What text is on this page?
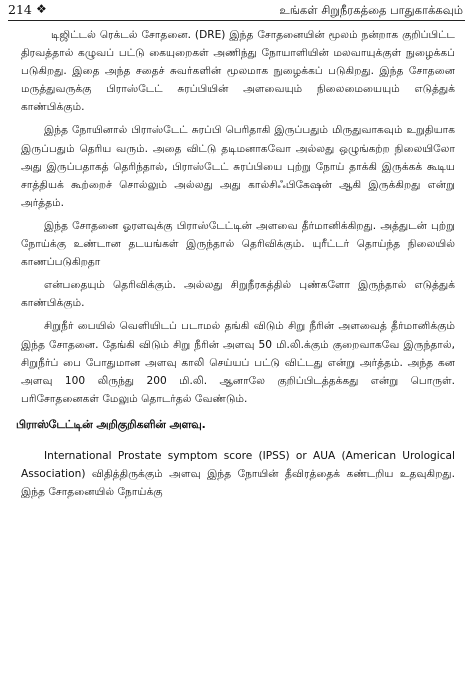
214 ❖	உங்கள் சிறுநீரகத்தை பாதுகாக்கவும்

டிஜிட்டல் ரெக்டல் சோதனை. (DRE) இந்த சோதனையின் மூலம் நன்றாக குறிப்பிட்ட திரவத்தால் கழுவப் பட்டு கையுறைகள் அணிந்து நோயாளியின் மலவாயுக்குள் நுழைக்கப் படுகிறது. இதை அந்த சதைச் சுவர்களின் மூலமாக நுழைக்கப் படுகிறது. இந்த சோதனை மருத்துவருக்கு பிராஸ்டேட் சுரப்பியின் அளவையும் நிலைமையையும் எடுத்துக் காண்பிக்கும்.

இந்த நோயினால் பிராஸ்டேட் சுரப்பி பெரிதாகி இருப்பதும் மிருதுவாகவும் உறுதியாக இருப்பதும் தெரிய வரும். அதை விட்டு தடிமனாகவோ அல்லது ஒழுங்கற்ற நிலையிலோ அது இருப்பதாகத் தெரிந்தால், பிராஸ்டேட் சுரப்பியை புற்று நோய் தாக்கி இருக்கக் கூடிய சாத்தியக் கூற்றைச் சொல்லும் அல்லது அது கால்சிஃபிகேஷன் ஆகி இருக்கிறது என்று அர்த்தம்.

இந்த சோதனை ஓரளவுக்கு பிராஸ்டேட்டின் அளவை தீர்மானிக்கிறது. அத்துடன் புற்று நோய்க்கு உண்டான தடயங்கள் இருந்தால் தெரிவிக்கும். யுரீட்டர் தொய்ந்த நிலையில் காணப்படுகிறதா

என்பதையும் தெரிவிக்கும். அல்லது சிறுநீரகத்தில் புண்களோ இருந்தால் எடுத்துக் காண்பிக்கும்.

சிறுநீர் பையில் வெளியிடப் படாமல் தங்கி விடும் சிறு நீரின் அளவைத் தீர்மானிக்கும் இந்த சோதனை. தேங்கி விடும் சிறு நீரின் அளவு 50 மி.லி.க்கும் குறைவாகவே இருந்தால், சிறுநீர்ப் பை போதுமான அளவு காலி செய்யப் பட்டு விட்டது என்று அர்த்தம். அந்த கன அளவு 100 லிருந்து 200 மி.லி. ஆனாலே குறிப்பிடத்தக்கது என்று பொருள். பரிசோதனைகள் மேலும் தொடர்தல் வேண்டும்.

பிராஸ்டேட்டின் அறிகுறிகளின் அளவு.

International Prostate symptom score (IPSS) or AUA (American Urological Association) விதித்திருக்கும் அளவு இந்த நோயின் தீவிரத்தைக் கண்டறிய உதவுகிறது. இந்த சோதனையில் நோய்க்கு
